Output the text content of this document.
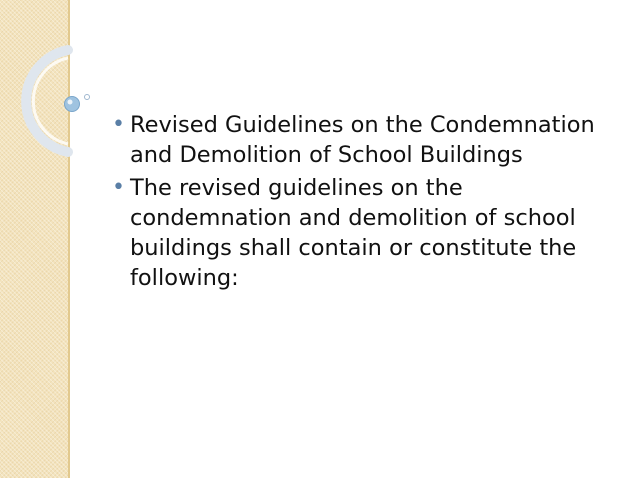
• Revised Guidelines on the Condemnation and Demolition of School Buildings
• The revised guidelines on the condemnation and demolition of school buildings shall contain or constitute the following:
